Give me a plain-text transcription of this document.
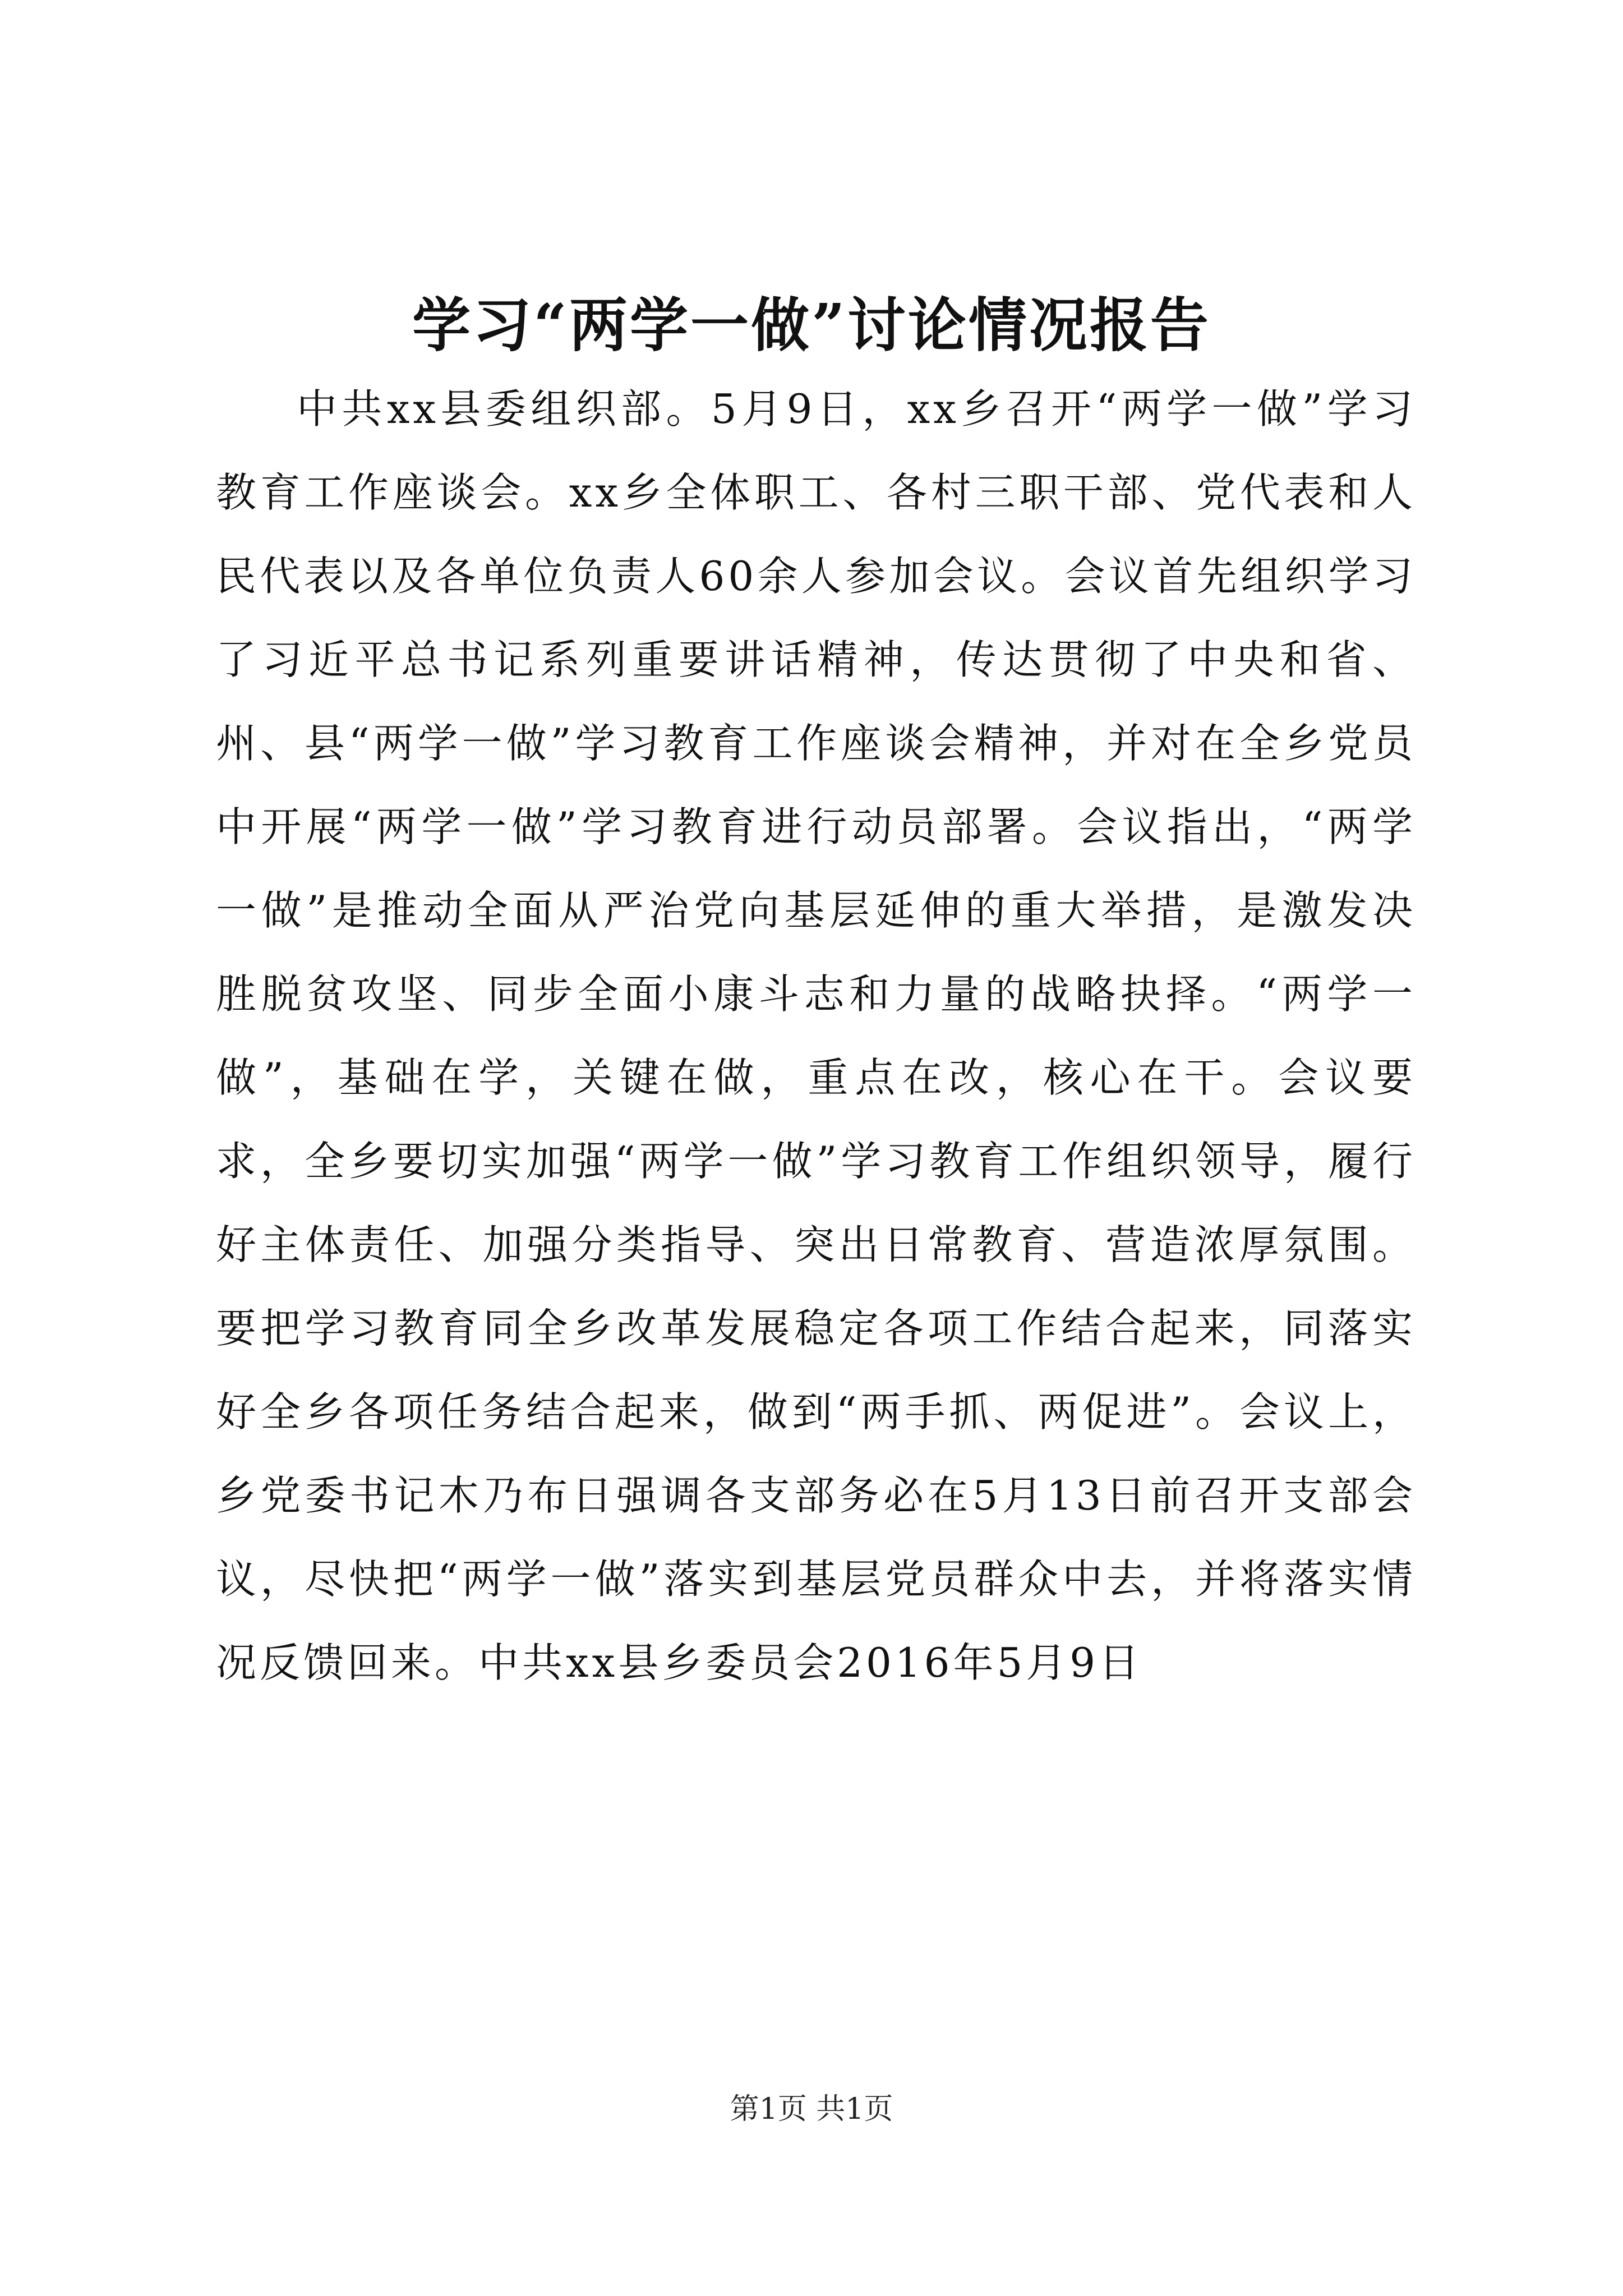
学习“两学一做”讨论情况报告

中共xx县委组织部。5月9日，xx乡召开“两学一做”学习教育工作座谈会。xx乡全体职工、各村三职干部、党代表和人民代表以及各单位负责人60余人参加会议。会议首先组织学习了习近平总书记系列重要讲话精神，传达贯彻了中央和省、州、县“两学一做”学习教育工作座谈会精神，并对在全乡党员中开展“两学一做”学习教育进行动员部署。会议指出，“两学一做”是推动全面从严治党向基层延伸的重大举措，是激发决胜脱贫攻坚、同步全面小康斗志和力量的战略抉择。“两学一做”，基础在学，关键在做，重点在改，核心在干。会议要求，全乡要切实加强“两学一做”学习教育工作组织领导，履行好主体责任、加强分类指导、突出日常教育、营造浓厚氛围。要把学习教育同全乡改革发展稳定各项工作结合起来，同落实好全乡各项任务结合起来，做到“两手抓、两促进”。会议上，乡党委书记木乃布日强调各支部务必在5月13日前召开支部会议，尽快把“两学一做”落实到基层党员群众中去，并将落实情况反馈回来。中共xx县乡委员会2016年5月9日

第1页 共1页
